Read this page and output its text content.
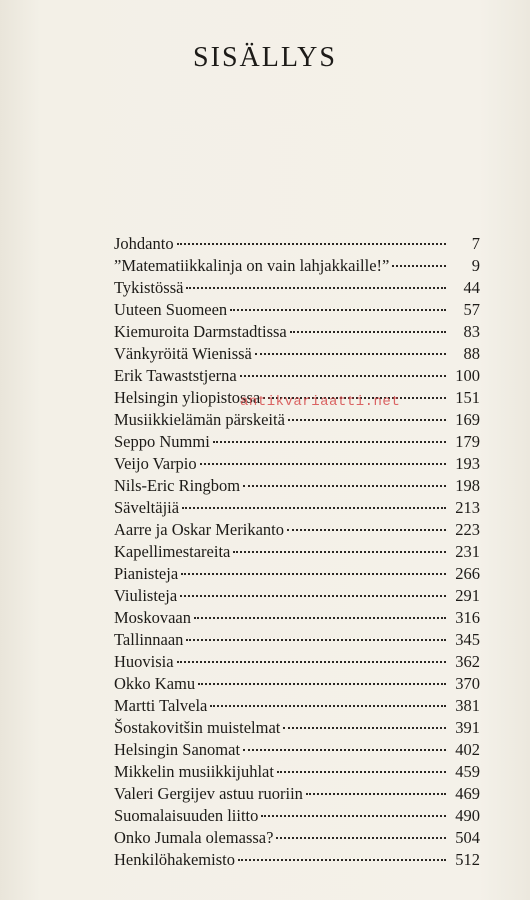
SISÄLLYS
Johdanto	7
”Matematiikkalinja on vain lahjakkaille!”	9
Tykistössä	44
Uuteen Suomeen	57
Kiemuroita Darmstadtissa	83
Vänkyröitä Wienissä	88
Erik Tawaststjerna	100
Helsingin yliopistossa	151
Musiikkielämän pärskeitä	169
Seppo Nummi	179
Veijo Varpio	193
Nils-Eric Ringbom	198
Säveltäjiä	213
Aarre ja Oskar Merikanto	223
Kapellimestareita	231
Pianisteja	266
Viulisteja	291
Moskovaan	316
Tallinnaan	345
Huovisia	362
Okko Kamu	370
Martti Talvela	381
Šostakovitšin muistelmat	391
Helsingin Sanomat	402
Mikkelin musiikkijuhlat	459
Valeri Gergijev astuu ruoriin	469
Suomalaisuuden liitto	490
Onko Jumala olemassa?	504
Henkilöhakemisto	512
antikvariaatti.net
